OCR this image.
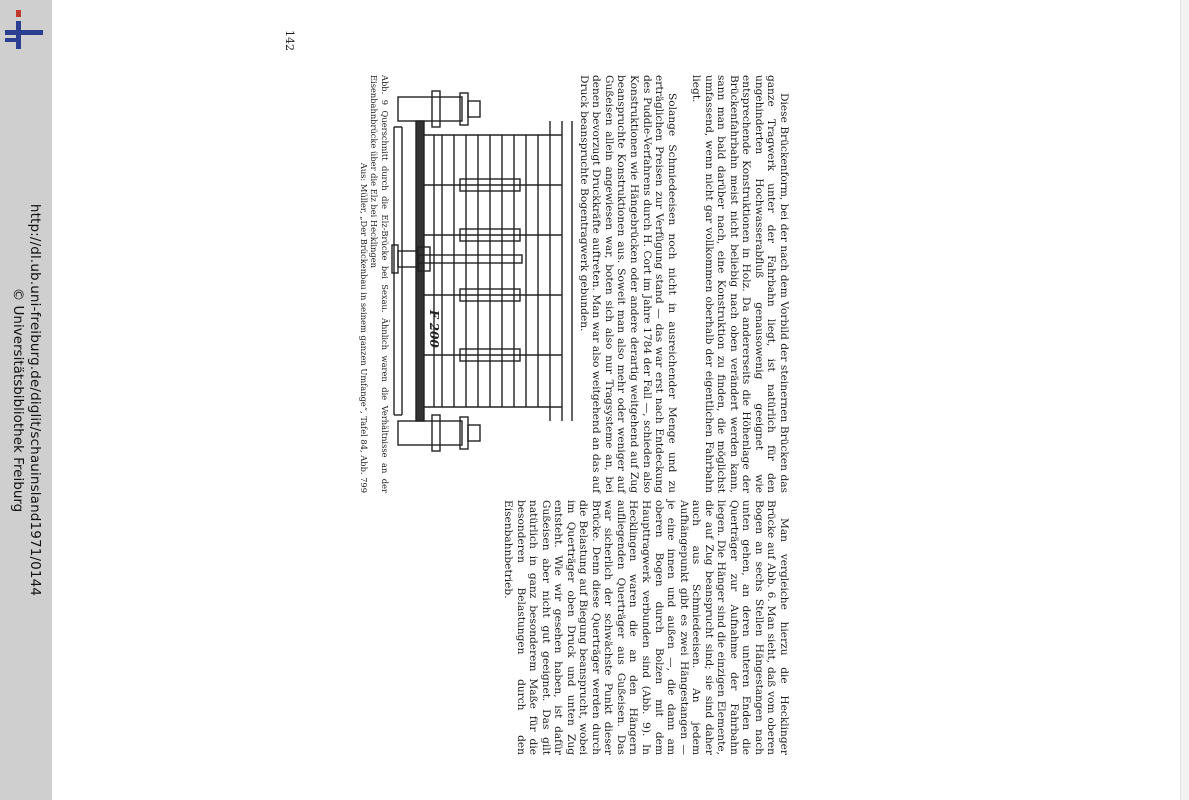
http://dl.ub.uni-freiburg.de/diglit/schauinsland1971/0144
© Universitätsbibliothek Freiburg	Diese Brückenform, bei der nach dem Vorbild der steinernen Brücken das ganze Tragwerk unter der Fahrbahn liegt, ist natürlich für den ungehinderten Hochwasserabfluß genausowenig geeignet wie entsprechende Konstruktionen in Holz. Da andererseits die Höhenlage der Brückenfahrbahn meist nicht beliebig nach oben verändert werden kann, sann man bald darüber nach, eine Konstruktion zu finden, die möglichst umfassend, wenn nicht gar vollkommen oberhalb der eigentlichen Fahrbahn liegt.

Solange Schmiedeeisen noch nicht in ausreichender Menge und zu erträglichen Preisen zur Verfügung stand — das war erst nach Entdeckung des Puddle-Verfahrens durch H. Cort im Jahre 1784 der Fall —, schieden also Konstruktionen wie Hängebrücken oder andere derartig weitgehend auf Zug beanspruchte Konstruktionen aus. Soweit man also mehr oder weniger auf Gußeisen allein angewiesen war, boten sich also nur Tragsysteme an, bei denen bevorzugt Druckkräfte auftreten. Man war also weitgehend an das auf Druck beanspruchte Bogentragwerk gebunden.

Man vergleiche hierzu die Hecklinger Brücke auf Abb. 6. Man sieht, daß vom oberen Bogen an sechs Stellen Hängestangen nach unten gehen, an deren unteren Enden die Querträger zur Aufnahme der Fahrbahn liegen. Die Hänger sind die einzigen Elemente, die auf Zug beansprucht sind; sie sind daher auch aus Schmiedeeisen. An jedem Aufhängepunkt gibt es zwei Hängestangen — je eine innen und außen —, die dann am oberen Bogen durch Bolzen mit dem Haupttragwerk verbunden sind (Abb. 9). In Hecklingen waren die an den Hängern aufliegenden Querträger aus Gußeisen. Das war sicherlich der schwächste Punkt dieser Brücke. Denn diese Querträger werden durch die Belastung auf Biegung beansprucht, wobei im Querträger oben Druck und unten Zug entsteht. Wie wir gesehen haben, ist dafür Gußeisen aber nicht gut geeignet. Das gilt natürlich in ganz besonderem Maße für die besonderen Belastungen durch den Eisenbahnbetrieb.

F 200
Abb. 9 Querschnitt durch die Elz-Brücke bei Sexau. Ähnlich waren die Verhältnisse an der Eisenbahnbrücke über die Elz bei Hecklingen
Aus: Müller, „Der Brückenbau in seinem ganzen Umfange“, Tafel 84, Abb. 799
142
